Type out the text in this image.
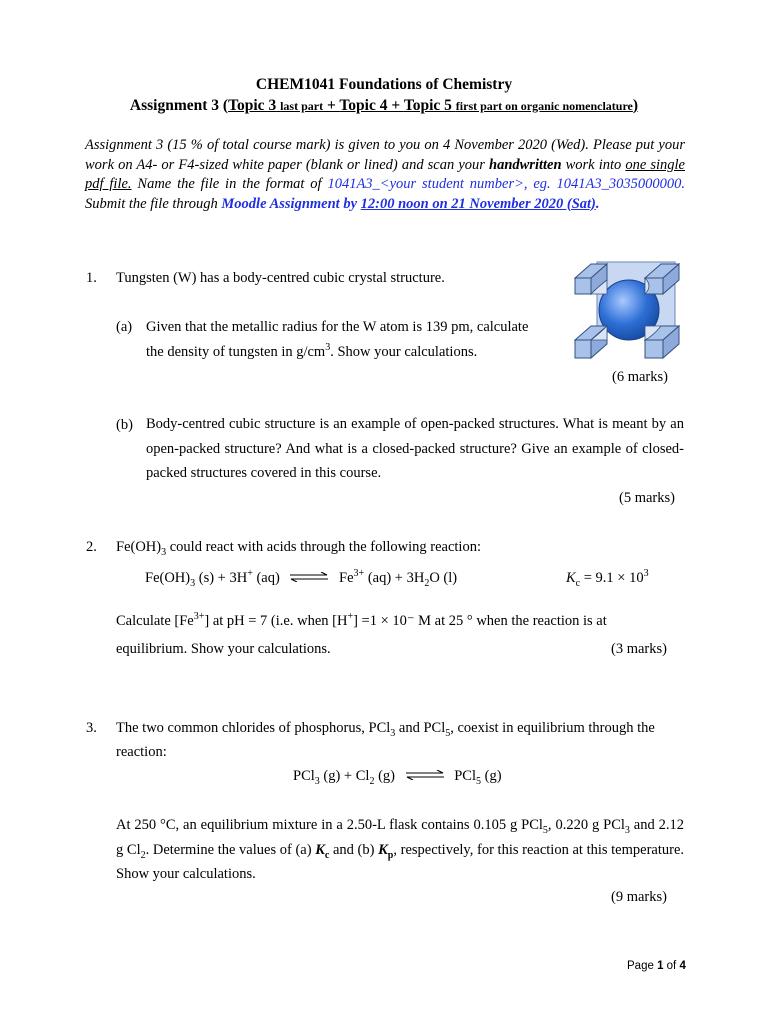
CHEM1041 Foundations of Chemistry
Assignment 3 (Topic 3 last part + Topic 4 + Topic 5 first part on organic nomenclature)
Assignment 3 (15 % of total course mark) is given to you on 4 November 2020 (Wed). Please put your work on A4- or F4-sized white paper (blank or lined) and scan your handwritten work into one single pdf file. Name the file in the format of 1041A3_<your student number>, eg. 1041A3_3035000000. Submit the file through Moodle Assignment by 12:00 noon on 21 November 2020 (Sat).
1. Tungsten (W) has a body-centred cubic crystal structure.
(a) Given that the metallic radius for the W atom is 139 pm, calculate
the density of tungsten in $g/cm^3$. Show your calculations.
(6 marks)
(b) Body-centred cubic structure is an example of open-packed structures. What is meant by an open-packed structure? And what is a closed-packed structure? Give an example of closed-packed structures covered in this course.
(5 marks)
2. $Fe(OH)_3$ could react with acids through the following reaction:
$Fe(OH)_3$ (s) + 3H+ (aq) ⇌ $Fe^{3+}$ $(aq) + 3H_2O$ (l)	$K_c = 9.1 \times 10^3$
Calculate $[Fe^{3+}]$ at pH = 7 (i.e. when [H+] =1 × 10⁻ M at 25 ° when the reaction is at
equilibrium. Show your calculations.	(3 marks)
3. The two common chlorides of phosphorus, PCl$_3$ and PCl$_5$, coexist in equilibrium through the
reaction:
PCl$_3$ $(g) + Cl_2$ (g) ⇌ PCl$_5$ (g)
At 250 °C, an equilibrium mixture in a 2.50-L flask contains 0.105 g PCl$_5$, 0.220 g PCl$_3$ and 2.12 g $Cl_2$. Determine the values of (a) $K_c$ and (b) $K_p$, respectively, for this reaction at this temperature. Show your calculations.
(9 marks)
Page 1 of 4
